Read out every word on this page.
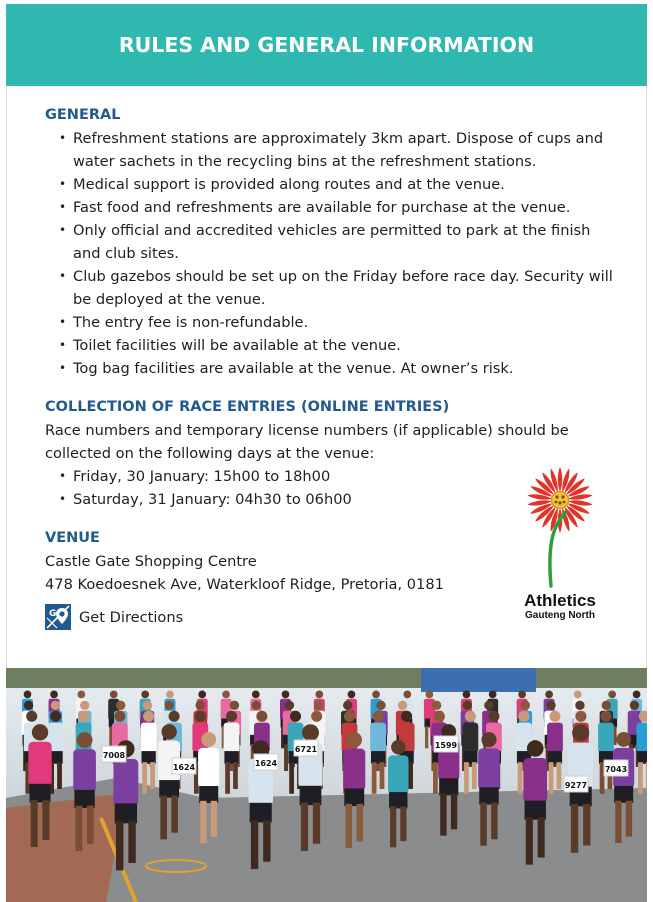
RULES AND GENERAL INFORMATION
GENERAL
• Refreshment stations are approximately 3km apart. Dispose of cups and water sachets in the recycling bins at the refreshment stations.
• Medical support is provided along routes and at the venue.
• Fast food and refreshments are available for purchase at the venue.
• Only official and accredited vehicles are permitted to park at the finish and club sites.
• Club gazebos should be set up on the Friday before race day. Security will be deployed at the venue.
• The entry fee is non-refundable.
• Toilet facilities will be available at the venue.
• Tog bag facilities are available at the venue. At owner’s risk.
COLLECTION OF RACE ENTRIES (ONLINE ENTRIES)
Race numbers and temporary license numbers (if applicable) should be collected on the following days at the venue:
• Friday, 30 January: 15h00 to 18h00
• Saturday, 31 January: 04h30 to 06h00
VENUE
Castle Gate Shopping Centre
478 Koedoesnek Ave, Waterkloof Ridge, Pretoria, 0181
G Get Directions
Athletics
Gauteng North
1599
1624
6721
9277
7043
1624
7008
